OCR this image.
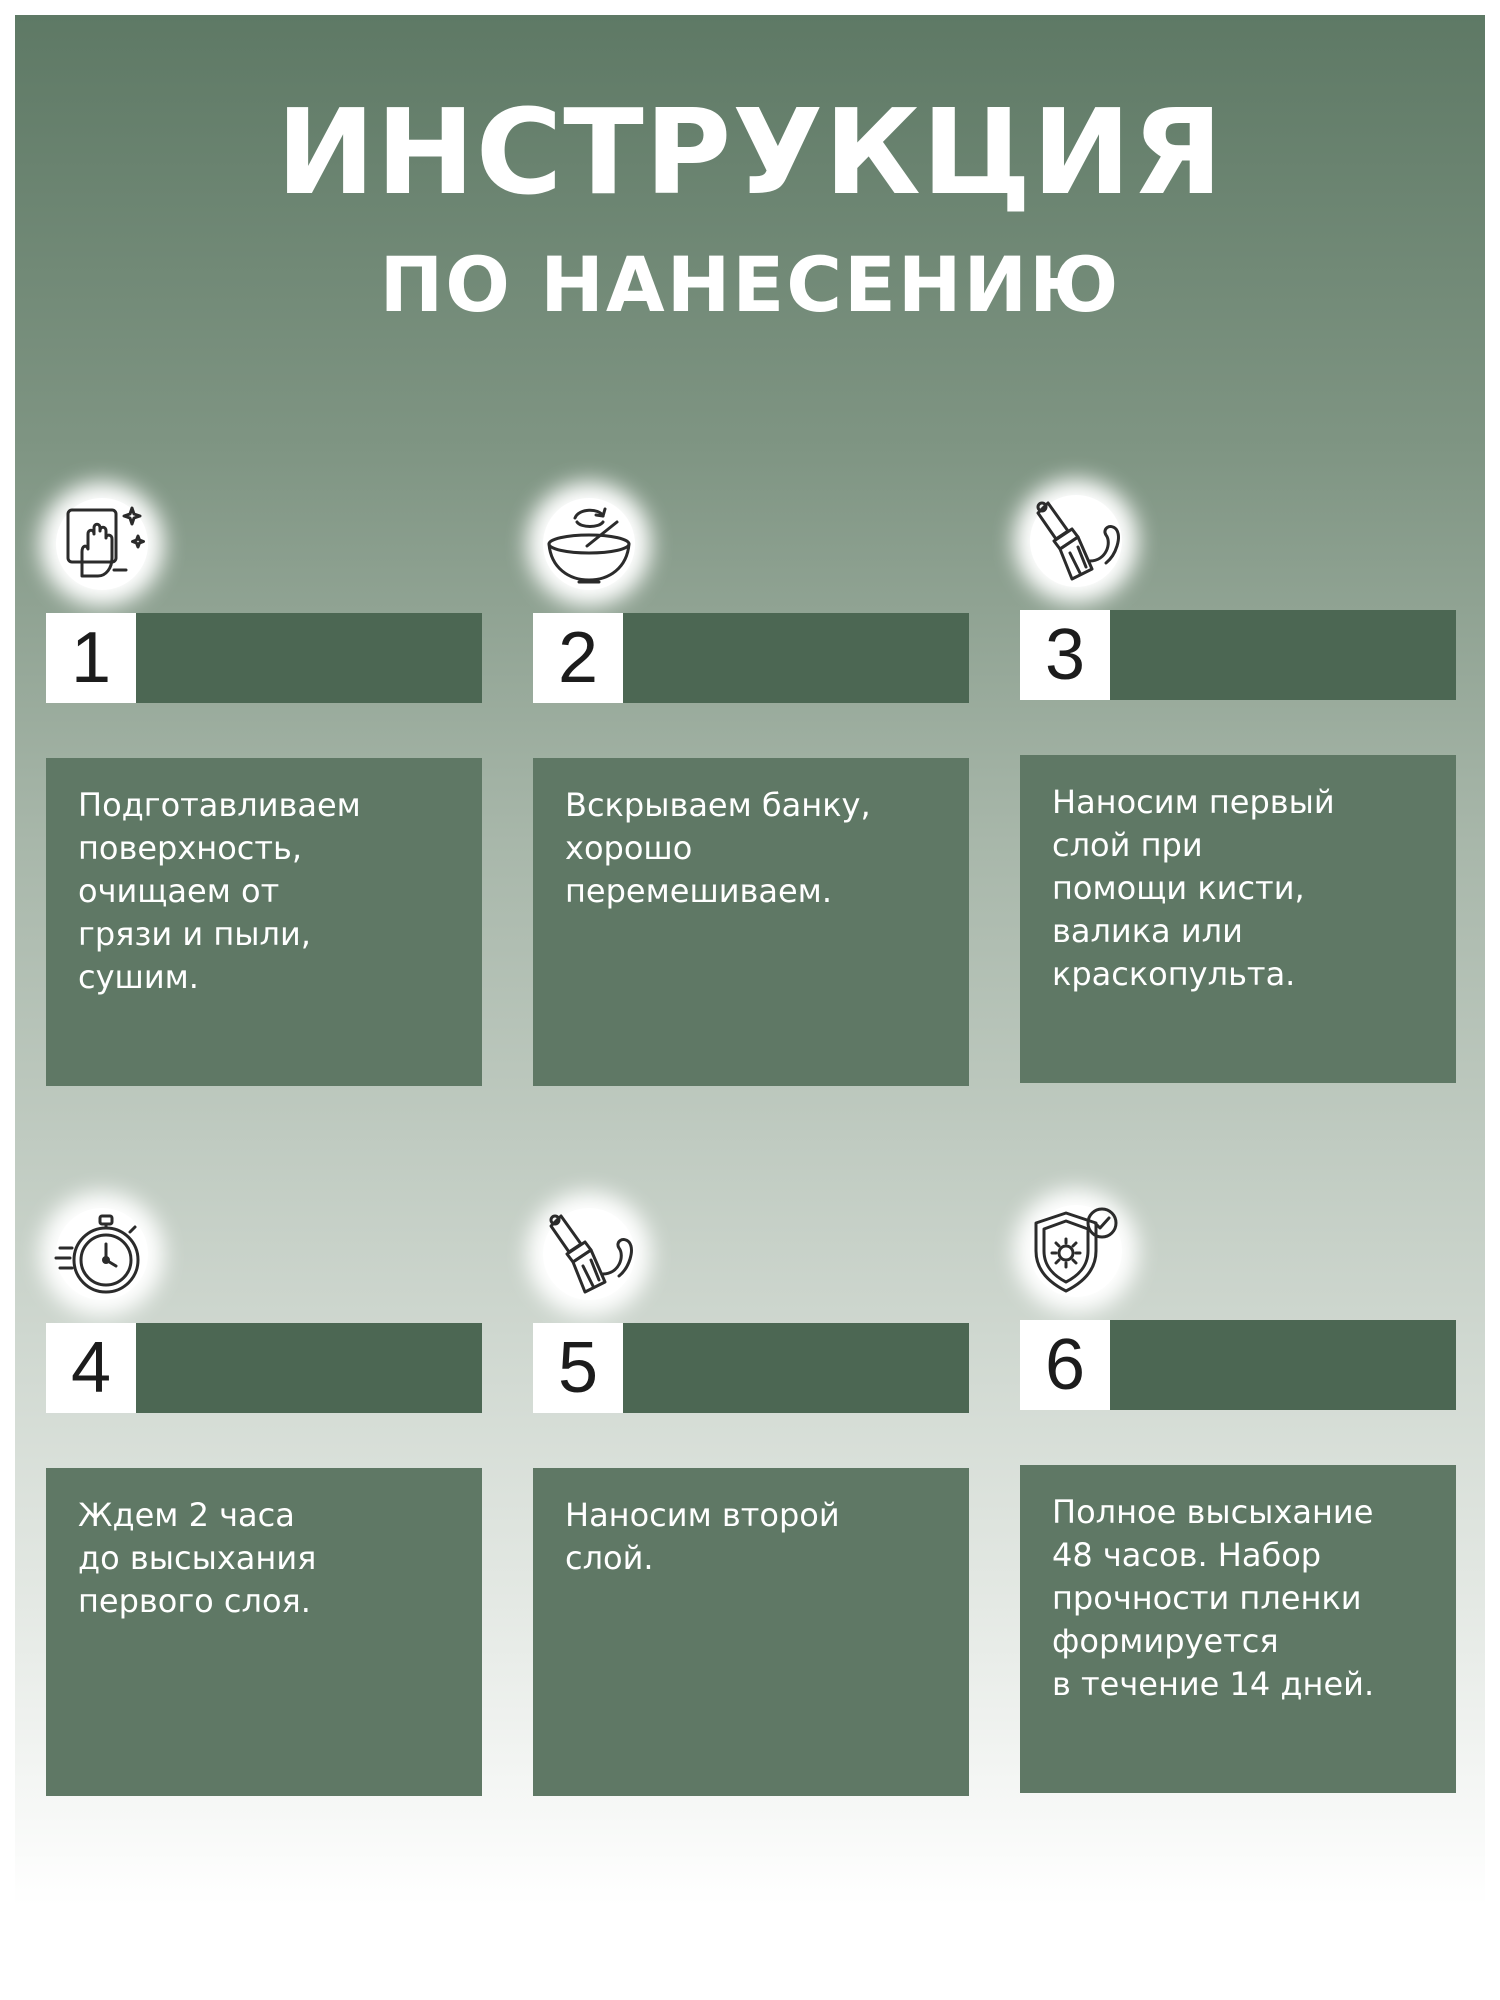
ИНСТРУКЦИЯ
ПО НАНЕСЕНИЮ
1

Подготавливаем
поверхность,
очищаем от
грязи и пыли,
сушим.

2

Вскрываем банку,
хорошо
перемешиваем.

3

Наносим первый
слой при
помощи кисти,
валика или
краскопульта.

4

Ждем 2 часа
до высыхания
первого слоя.

5

Наносим второй
слой.

6

Полное высыхание
48 часов. Набор
прочности пленки
формируется
в течение 14 дней.
